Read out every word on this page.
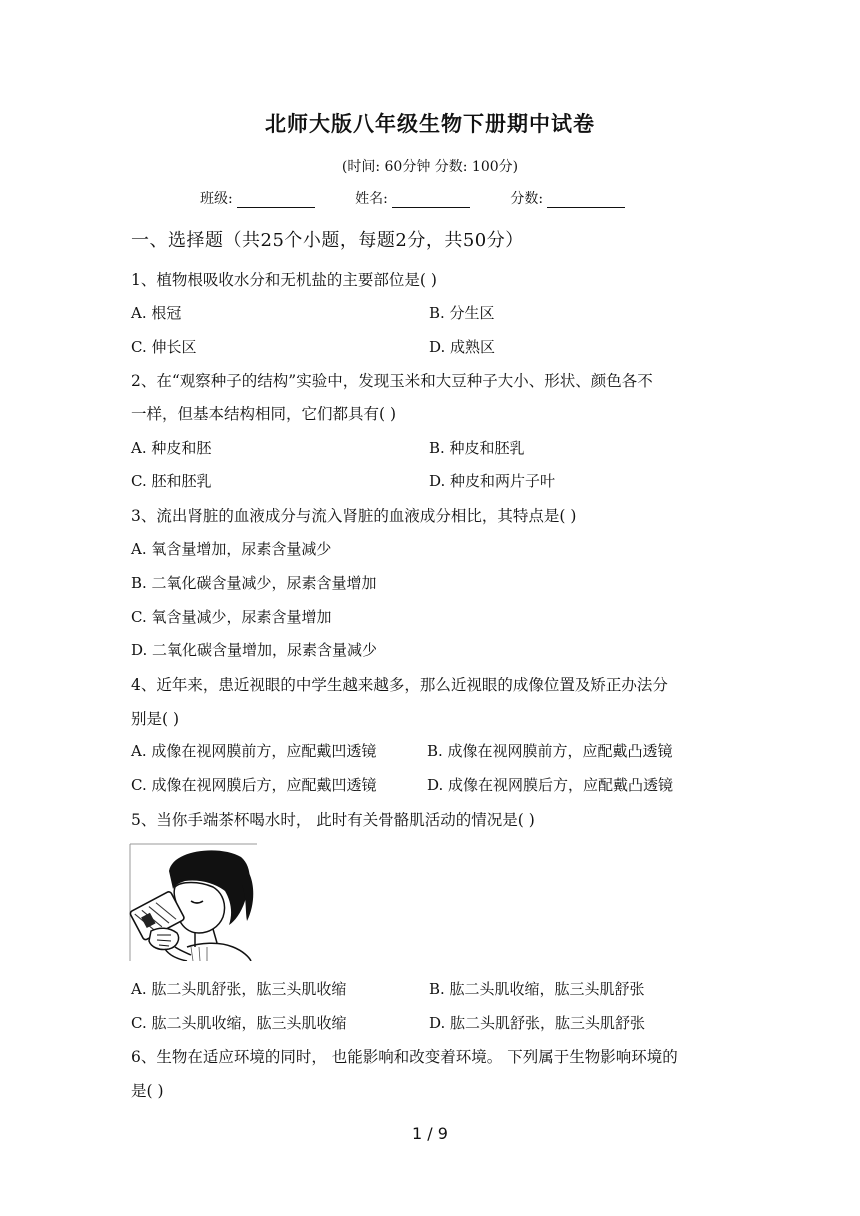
北师大版八年级生物下册期中试卷
(时间: 60分钟 分数: 100分)
班级:	姓名:	分数:
一、选择题（共25个小题，每题2分，共50分）
1、植物根吸收水分和无机盐的主要部位是( )
A. 根冠	B. 分生区
C. 伸长区	D. 成熟区
2、在“观察种子的结构”实验中，发现玉米和大豆种子大小、形状、颜色各不
一样，但基本结构相同，它们都具有( )
A. 种皮和胚	B. 种皮和胚乳
C. 胚和胚乳	D. 种皮和两片子叶
3、流出肾脏的血液成分与流入肾脏的血液成分相比，其特点是( )
A. 氧含量增加，尿素含量减少
B. 二氧化碳含量减少，尿素含量增加
C. 氧含量减少，尿素含量增加
D. 二氧化碳含量增加，尿素含量减少
4、近年来，患近视眼的中学生越来越多，那么近视眼的成像位置及矫正办法分
别是( )
A. 成像在视网膜前方，应配戴凹透镜	B. 成像在视网膜前方，应配戴凸透镜
C. 成像在视网膜后方，应配戴凹透镜	D. 成像在视网膜后方，应配戴凸透镜
5、当你手端茶杯喝水时， 此时有关骨骼肌活动的情况是( )
A. 肱二头肌舒张，肱三头肌收缩	B. 肱二头肌收缩，肱三头肌舒张
C. 肱二头肌收缩，肱三头肌收缩	D. 肱二头肌舒张，肱三头肌舒张
6、生物在适应环境的同时， 也能影响和改变着环境。 下列属于生物影响环境的
是( )
1 / 9
